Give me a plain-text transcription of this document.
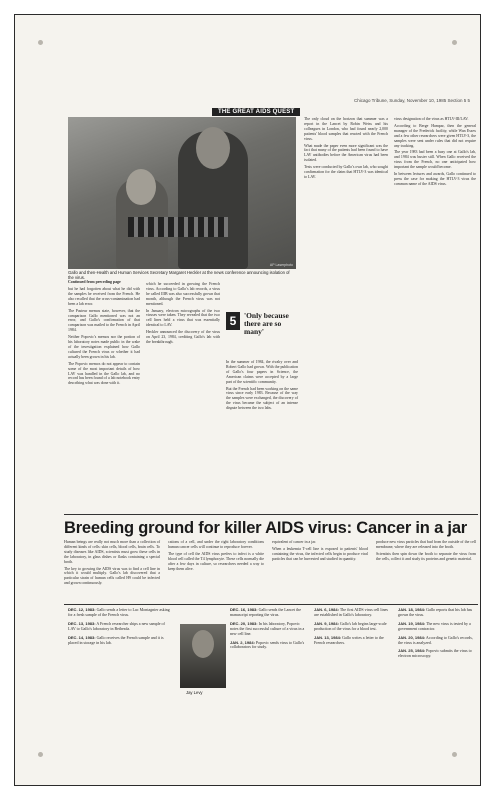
Chicago Tribune, Sunday, November 10, 1985 Section 5 5
THE GREAT AIDS QUEST
AP Laserphoto
Gallo and then-Health and Human Services Secretary Margaret Heckler at the news conference announcing isolation of the virus.
Continued from preceding page

but he had forgotten about what he did with the samples he received from the French. He also recalled that the cross-contamination had been a lab error.

The Pasteur memos state, however, that the comparison Gallo mentioned was not an error, and Gallo's confirmation of that comparison was mailed to the French in April 1984.

Neither Popovic's memos nor the portion of his laboratory notes made public in the wake of the investigation explained how Gallo cultured the French virus or whether it had actually been grown in his lab.

The Popovic memos do not appear to contain some of the most important details of how LAV was handled in the Gallo lab, and no record has been found of a lab notebook entry describing what was done with it.

which he succeeded in growing the French virus. According to Gallo's lab records, a virus he called IIIB was also successfully grown that month, although the French virus was not mentioned.

In January, electron micrographs of the two viruses were taken. They revealed that the two cell lines held a virus that was essentially identical to LAV.

Heckler announced the discovery of the virus on April 23, 1984, crediting Gallo's lab with the breakthrough.

5	'Only because there are so many'

In the summer of 1984, the rivalry over and Robert Gallo had grown. With the publication of Gallo's four papers in Science, the American claims were accepted by a large part of the scientific community.

But the French had been working on the same virus since early 1983. Because of the way the samples were exchanged, the discovery of the virus became the subject of an intense dispute between the two labs.

The only cloud on the horizon that summer was a report in the Lancet by Robin Weiss and his colleagues in London, who had found nearly 2,000 patients' blood samples that reacted with the French virus.

What made the paper even more significant was the fact that many of the patients had been found to have LAV antibodies before the American virus had been isolated.

Tests were conducted by Gallo's own lab, who sought confirmation for the claim that HTLV-3 was identical to LAV.

virus designation of the virus as HTLV-III/LAV.

According to Berge Hampar, then the general manager of the Frederick facility, while Wan Essex and a few other researchers were given HTLV-3, the samples were sent under rules that did not require any tracking.

The year 1983 had been a busy one at Gallo's lab, and 1984 was busier still. When Gallo received the virus from the French, no one anticipated how important the sample would become.

In between lectures and awards, Gallo continued to press the case for making the HTLV-3 virus the common name of the AIDS virus.

Breeding ground for killer AIDS virus: Cancer in a jar

Human beings are really not much more than a collection of different kinds of cells: skin cells, blood cells, brain cells. To study diseases like AIDS, scientists must grow these cells in the laboratory, in glass dishes or flasks containing a special broth.

The key to growing the AIDS virus was to find a cell line in which it would multiply. Gallo's lab discovered that a particular strain of human cells called H9 could be infected and grown continuously.

cations of a cell, and under the right laboratory conditions human cancer cells will continue to reproduce forever.

The type of cell the AIDS virus prefers to infect is a white blood cell called the T4 lymphocyte. These cells normally die after a few days in culture, so researchers needed a way to keep them alive.

equivalent of cancer in a jar.

When a leukemia T-cell line is exposed to patients' blood containing the virus, the infected cells begin to produce viral particles that can be harvested and studied in quantity.

produce new virus particles that bud from the outside of the cell membrane, where they are released into the broth.

Scientists then spin down the broth to separate the virus from the cells, collect it and study its proteins and genetic material.

Jay Levy
DEC. 12, 1983: Gallo sends a letter to Luc Montagnier asking for a fresh sample of the French virus.
DEC. 13, 1983: A French researcher ships a new sample of LAV to Gallo's laboratory in Bethesda.
DEC. 14, 1983: Gallo receives the French sample and it is placed in storage in his lab.
DEC. 16, 1983: Gallo sends the Lancet the manuscript reporting the virus.
DEC. 20, 1983: In his laboratory, Popovic notes the first successful culture of a virus in a new cell line.
JAN. 2, 1984: Popovic sends virus to Gallo's collaborators for study.
JAN. 6, 1984: The first AIDS virus cell lines are established in Gallo's laboratory.
JAN. 9, 1984: Gallo's lab begins large-scale production of the virus for a blood test.
JAN. 13, 1984: Gallo writes a letter to the French researchers.
JAN. 18, 1984: Gallo reports that his lab has grown the virus.
JAN. 19, 1984: The new virus is tested by a government contractor.
JAN. 20, 1984: According to Gallo's records, the virus is analyzed.
JAN. 25, 1984: Popovic submits the virus to electron microscopy.
